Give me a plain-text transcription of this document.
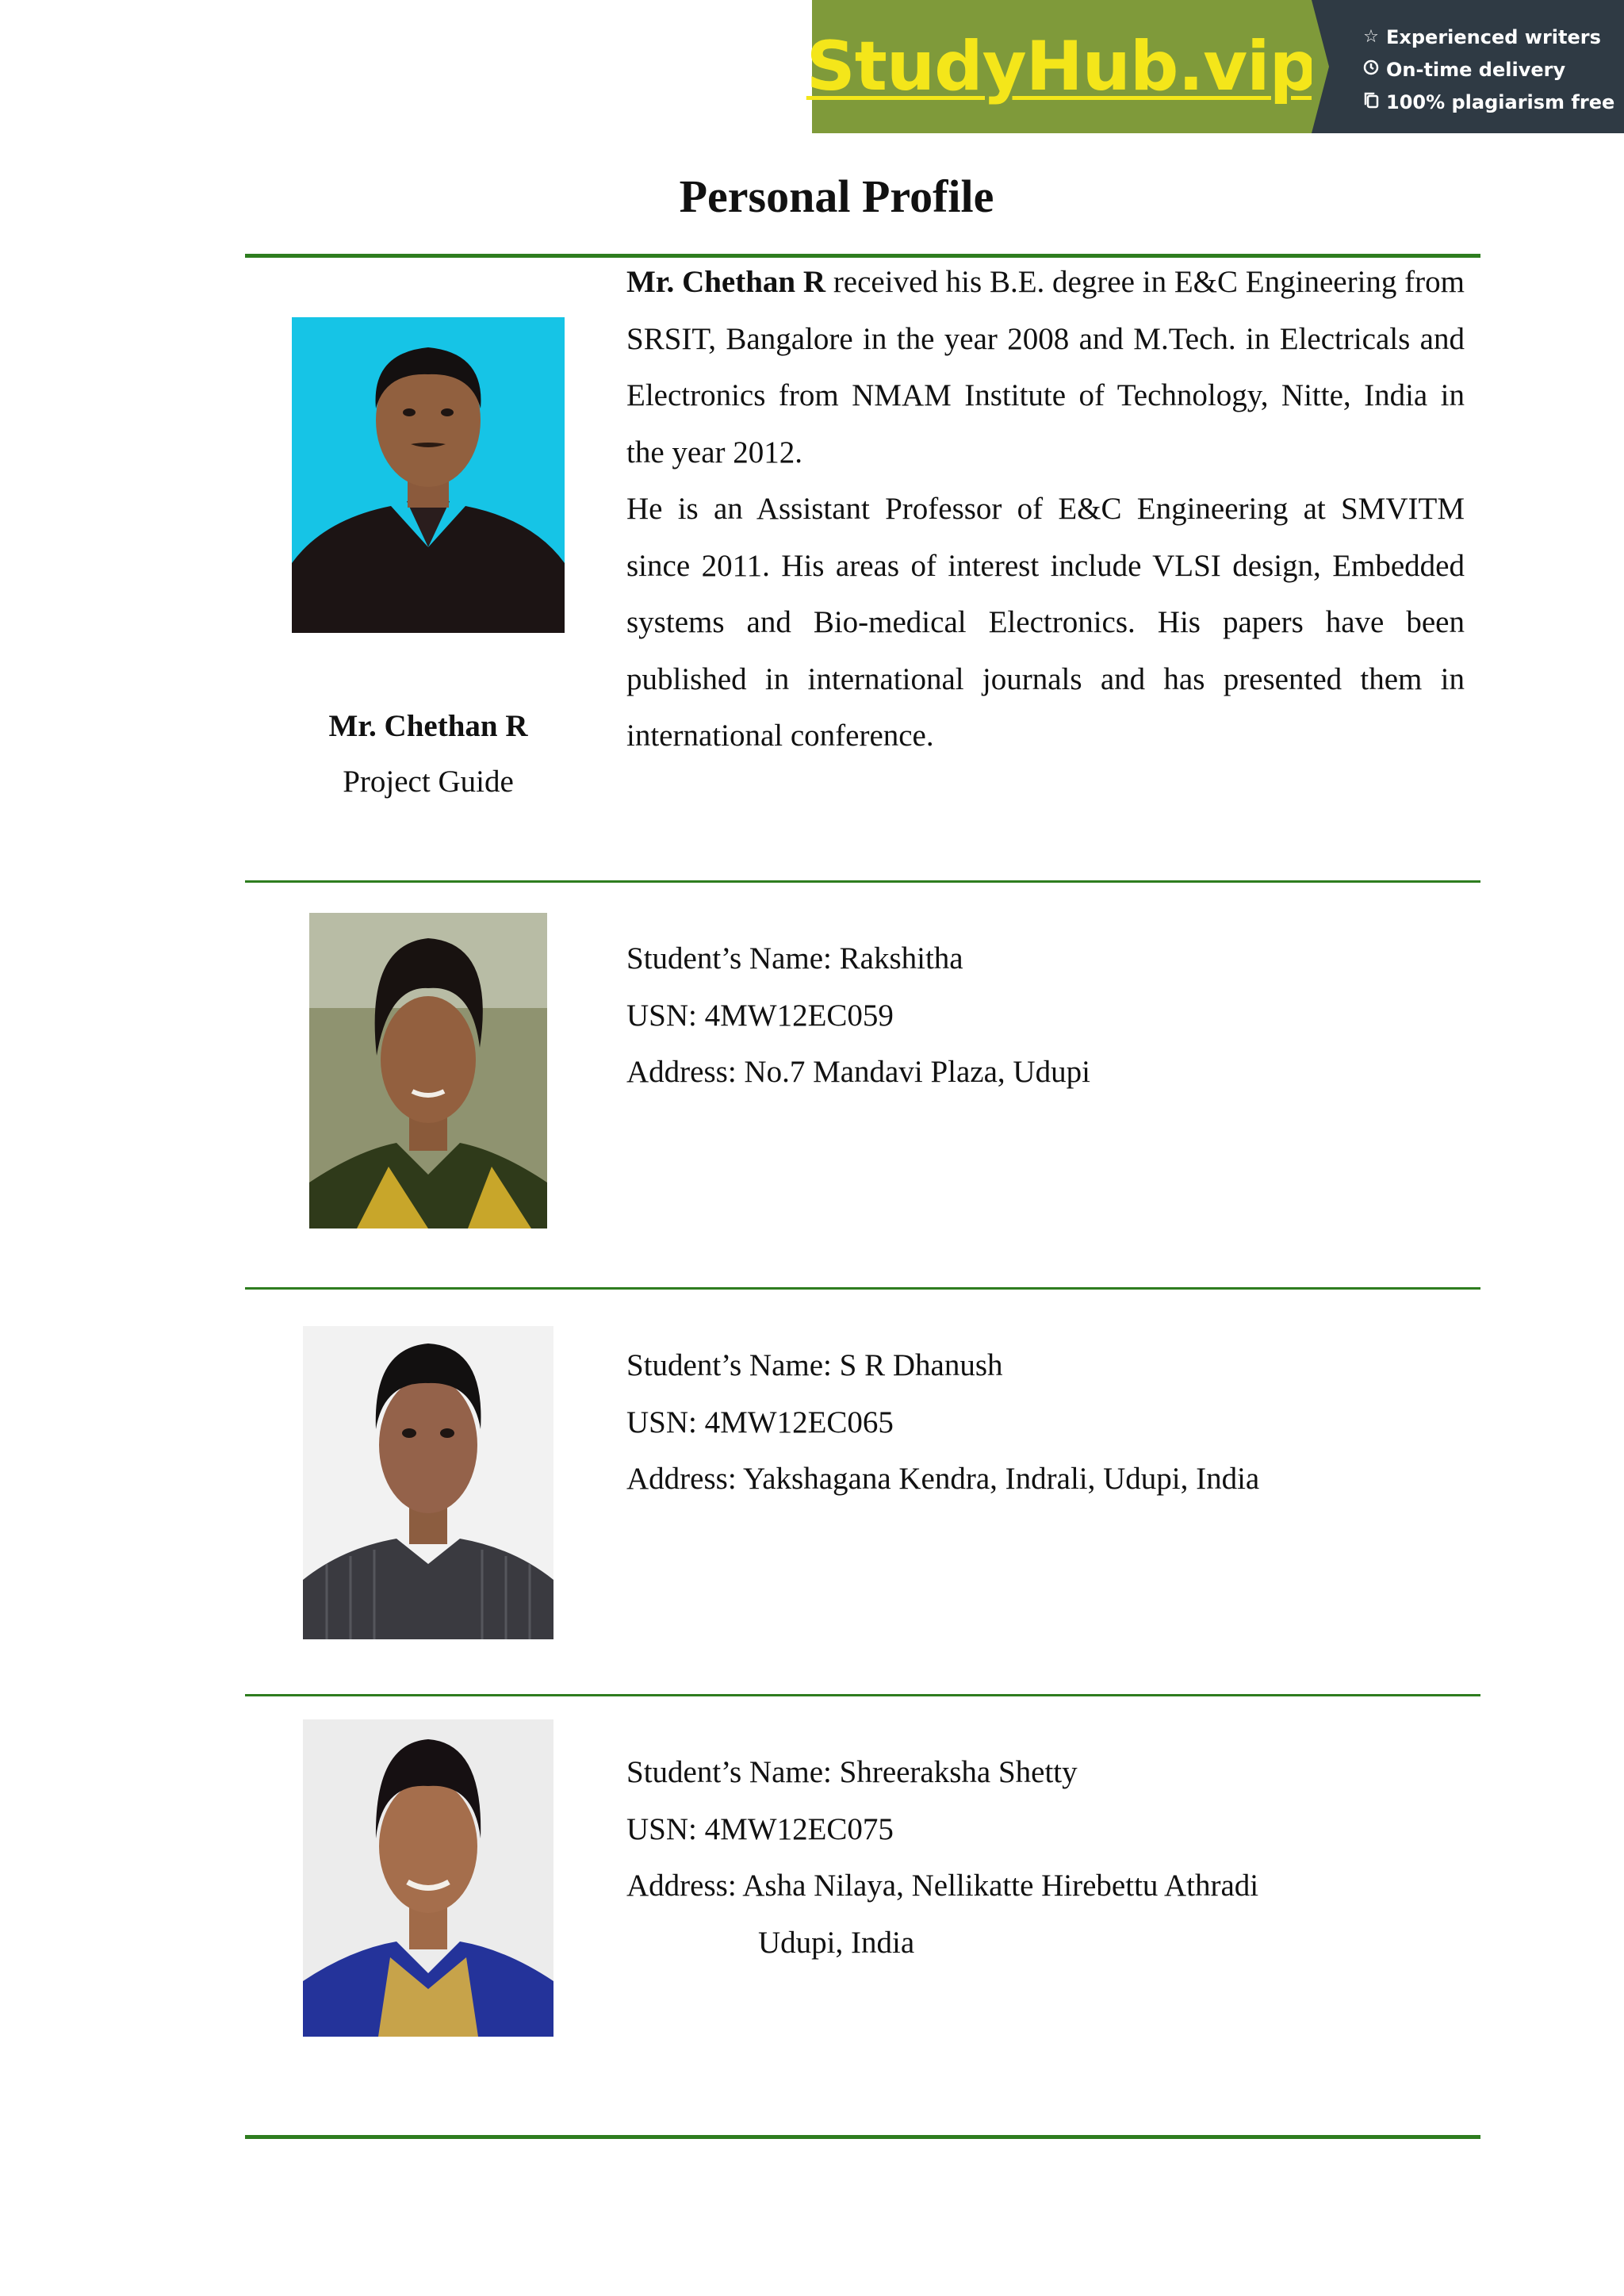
StudyHub.vip	☆ Experienced writers
On-time delivery
100% plagiarism free
Personal Profile
Mr. Chethan R
Project Guide

Mr. Chethan R received his B.E. degree in E&C Engineering from SRSIT, Bangalore in the year 2008 and M.Tech. in Electricals and Electronics from NMAM Institute of Technology, Nitte, India in the year 2012.

He is an Assistant Professor of E&C Engineering at SMVITM since 2011. His areas of interest include VLSI design, Embedded systems and Bio-medical Electronics. His papers have been published in international journals and has presented them in international conference.

Student’s Name: Rakshitha
USN: 4MW12EC059
Address: No.7 Mandavi Plaza, Udupi
Student’s Name: S R Dhanush
USN: 4MW12EC065
Address: Yakshagana Kendra, Indrali, Udupi, India
Student’s Name: Shreeraksha Shetty
USN: 4MW12EC075
Address: Asha Nilaya, Nellikatte Hirebettu Athradi
Udupi, India
